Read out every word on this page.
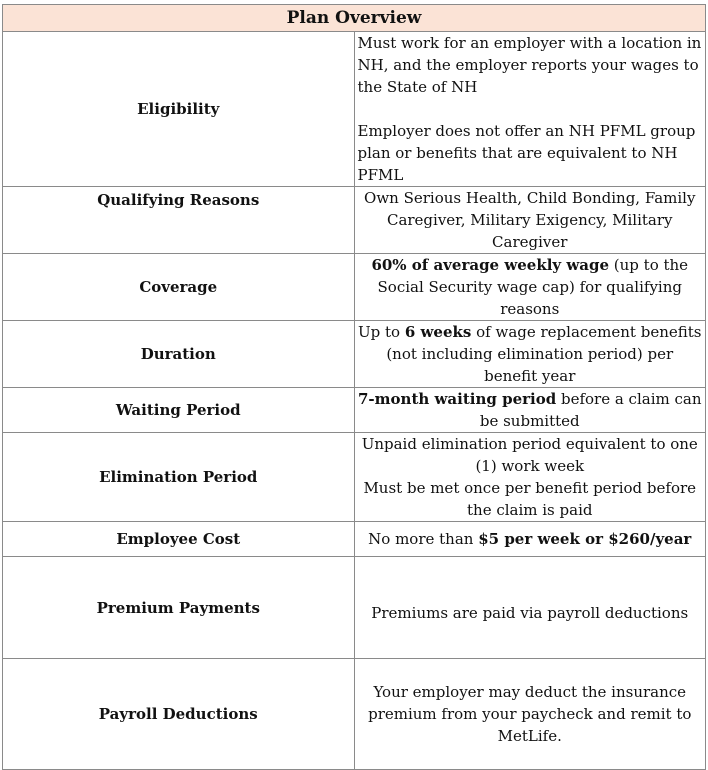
Plan Overview	
Eligibility	Must work for an employer with a location in NH, and the employer reports your wages to the State of NH
Employer does not offer an NH PFML group plan or benefits that are equivalent to NH PFML

Qualifying Reasons	Own Serious Health, Child Bonding, Family Caregiver, Military Exigency, Military Caregiver
Coverage	60% of average weekly wage (up to the Social Security wage cap) for qualifying reasons
Duration	Up to 6 weeks of wage replacement benefits (not including elimination period) per benefit year
Waiting Period	7-month waiting period before a claim can be submitted
Elimination Period	Unpaid elimination period equivalent to one (1) work week
Must be met once per benefit period before the claim is paid

Employee Cost	No more than $5 per week or $260/year
Premium Payments	Premiums are paid via payroll deductions
Payroll Deductions	Your employer may deduct the insurance premium from your paycheck and remit to MetLife.
